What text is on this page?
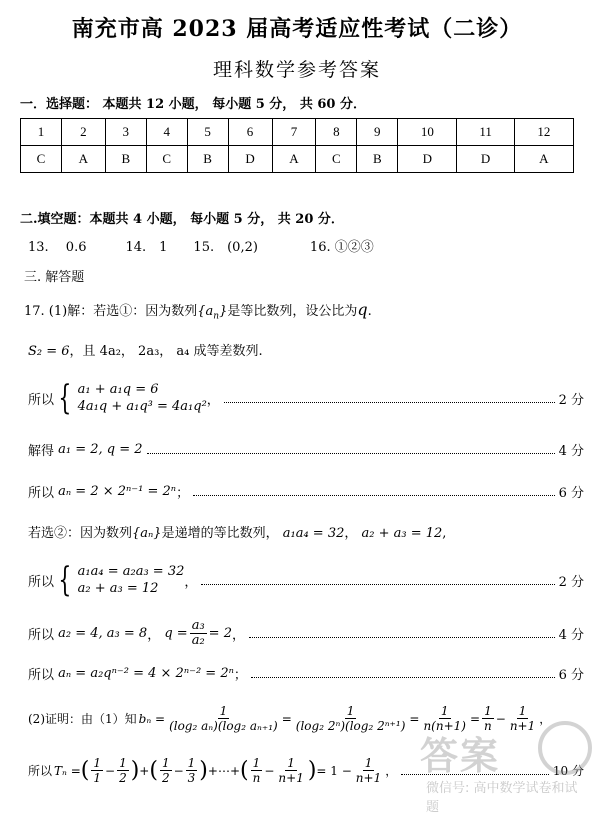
南充市高 2023 届高考适应性考试（二诊）
理科数学参考答案
一．选择题： 本题共 12 小题， 每小题 5 分， 共 60 分．
1	2	3	4	5	6	7	8	9	10	11	12
C	A	B	C	B	D	A	C	B	D	D	A
二.填空题：本题共 4 小题， 每小题 5 分， 共 20 分．
13.　 0.6　　　14.　1　　15.　(0,2)　　　　16. ①②③
三. 解答题
17. (1)解：若选①：因为数列$\{a_n\}$是等比数列，设公比为q.
S₂ = 6，且 4a₂， 2a₃， a₄ 成等差数列.
所以 { a₁ + a₁q = 6
4a₁q + a₁q³ = 4a₁q² ，	2 分
解得
a₁ = 2, q = 2	4 分
所以
aₙ = 2 × 2ⁿ⁻¹ = 2ⁿ ；	6 分
若选②：因为数列{aₙ}是递增的等比数列， a₁a₄ = 32， a₂ + a₃ = 12,
所以 { a₁a₄ = a₂a₃ = 32
a₂ + a₃ = 12	，	2 分
所以
a₂ = 4, a₃ = 8 ， $q = \frac{\text{a₃}}{\text{a₂}} = 2$ ，	4 分
所以
aₙ = a₂qⁿ⁻² = 4 × 2ⁿ⁻² = 2ⁿ ；	6 分
(2)证明：由（1）知 $b_n = \frac{1}{\text{(log₂ aₙ)(log₂ aₙ₊₁)}} = \frac{1}{\text{(log₂ 2ⁿ)(log₂ 2ⁿ⁺¹)}} = \frac{1}{n(n+1)} = \frac{1}{n} - \frac{1}{n+1}$ ，
所以 Tₙ = ( $\frac{1}{1} - \frac{1}{2}$ ) + ( $\frac{1}{2} - \frac{1}{3}$ ) + ⋯ + ( $\frac{1}{n} - \frac{1}{n+1}$ ) = $1 - \frac{1}{n+1}$ ，	10 分
答案
微信号: 高中数学试卷和试题
